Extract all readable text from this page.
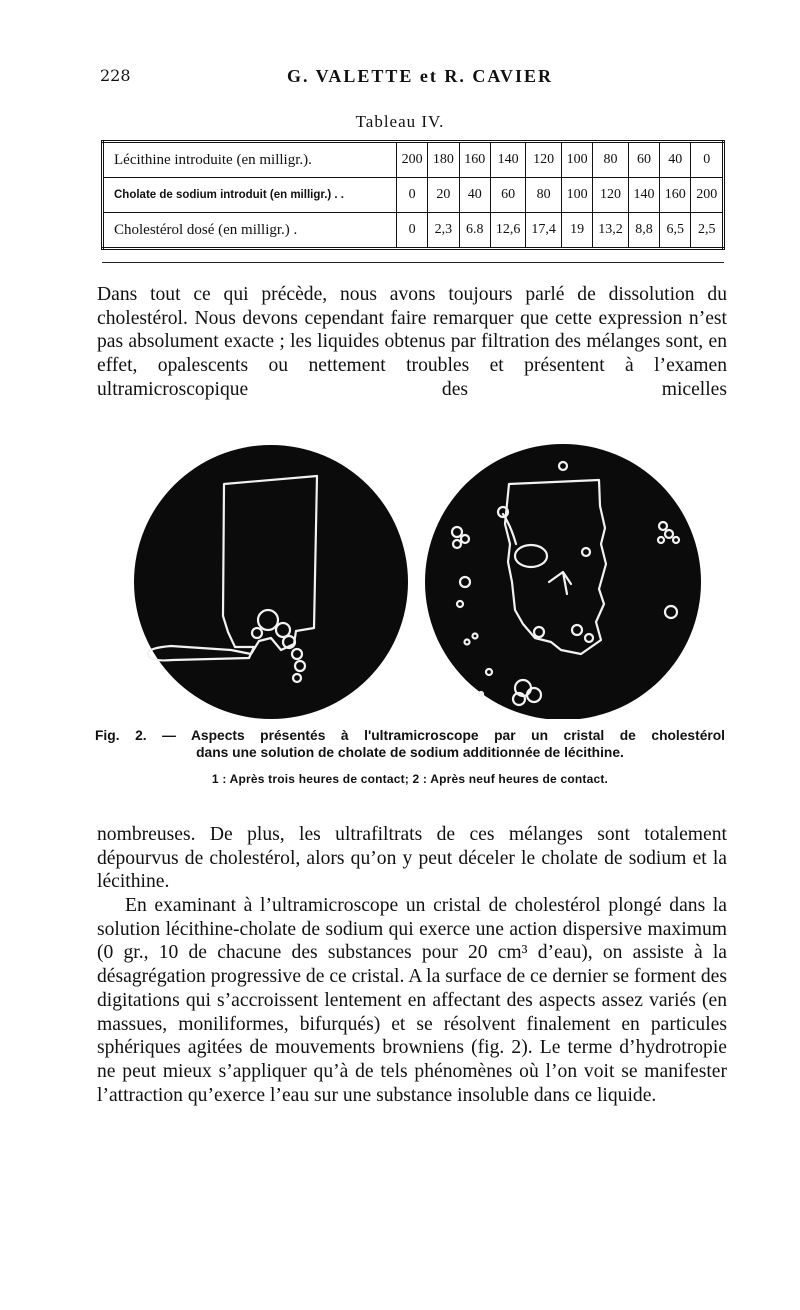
228	G. VALETTE et R. CAVIER
Tableau IV.
Lécithine introduite (en milligr.).	200	180	160	140	120	100	80	60	40	0
Cholate de sodium introduit (en milligr.) . .	0	20	40	60	80	100	120	140	160	200
Cholestérol dosé (en milligr.) .	0	2,3	6.8	12,6	17,4	19	13,2	8,8	6,5	2,5

Dans tout ce qui précède, nous avons toujours parlé de dissolution du cholestérol. Nous devons cependant faire remarquer que cette expression n’est pas absolument exacte ; les liquides obtenus par filtration des mélanges sont, en effet, opalescents ou nettement troubles et présentent à l’examen ultramicroscopique des micelles

Fig. 2. — Aspects présentés à l'ultramicroscope par un cristal de cholestérol
dans une solution de cholate de sodium additionnée de lécithine.
1 : Après trois heures de contact; 2 : Après neuf heures de contact.

nombreuses. De plus, les ultrafiltrats de ces mélanges sont totalement dépourvus de cholestérol, alors qu’on y peut déceler le cholate de sodium et la lécithine.

En examinant à l’ultramicroscope un cristal de cholestérol plongé dans la solution lécithine-cholate de sodium qui exerce une action dispersive maximum (0 gr., 10 de chacune des substances pour 20 cm³ d’eau), on assiste à la désagrégation progressive de ce cristal. A la surface de ce dernier se forment des digitations qui s’accroissent lentement en affectant des aspects assez variés (en massues, moniliformes, bifurqués) et se résolvent finalement en particules sphériques agitées de mouvements browniens (fig. 2). Le terme d’hydrotropie ne peut mieux s’appliquer qu’à de tels phénomènes où l’on voit se manifester l’attraction qu’exerce l’eau sur une substance insoluble dans ce liquide.
